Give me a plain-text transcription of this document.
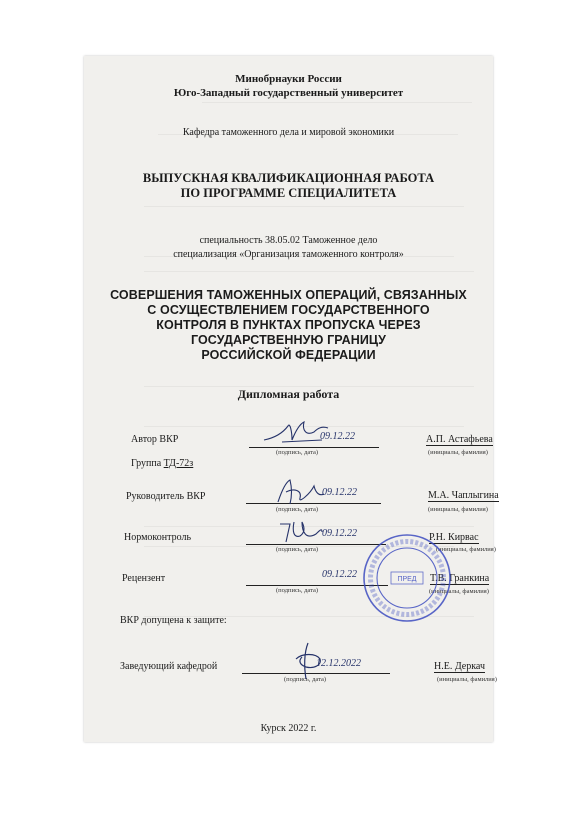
Минобрнауки России
Юго-Западный государственный университет
Кафедра таможенного дела и мировой экономики
ВЫПУСКНАЯ КВАЛИФИКАЦИОННАЯ РАБОТА
ПО ПРОГРАММЕ СПЕЦИАЛИТЕТА
специальность 38.05.02 Таможенное дело
специализация «Организация таможенного контроля»
СОВЕРШЕНИЯ ТАМОЖЕННЫХ ОПЕРАЦИЙ, СВЯЗАННЫХ
С ОСУЩЕСТВЛЕНИЕМ ГОСУДАРСТВЕННОГО
КОНТРОЛЯ В ПУНКТАХ ПРОПУСКА ЧЕРЕЗ
ГОСУДАРСТВЕННУЮ ГРАНИЦУ
РОССИЙСКОЙ ФЕДЕРАЦИИ
Дипломная работа
Автор ВКР	09.12.22
(подпись, дата)
А.П. Астафьева
(инициалы, фамилия)
Группа ТД-72з
Руководитель ВКР	09.12.22
(подпись, дата)
М.А. Чаплыгина
(инициалы, фамилия)
Нормоконтроль	09.12.22
(подпись, дата)
Р.Н. Кирвас
(инициалы, фамилия)
Рецензент	09.12.22
(подпись, дата)
Т.В. Гранкина
(инициалы, фамилия)
ВКР допущена к защите:
Заведующий кафедрой	12.12.2022
(подпись, дата)
Н.Е. Деркач
(инициалы, фамилия)
Курск 2022 г.
ПРЕД
